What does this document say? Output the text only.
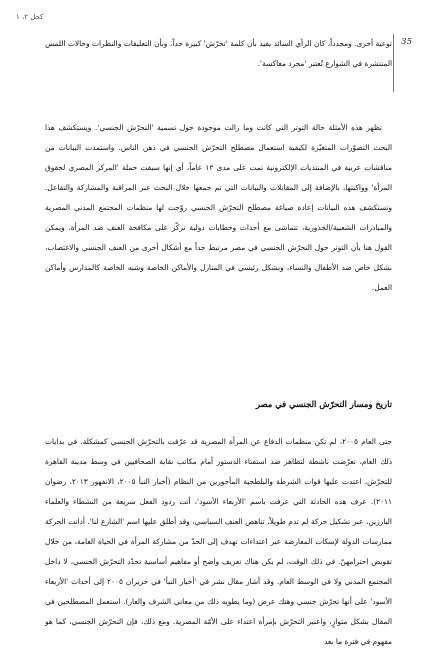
كحل ٢، ١
35

توعية أخرى. ومجدداً، كان الرأي السائد يفيد بأن كلمة 'تحرّش' كبيرة جداً، وبأن التعليقات والنظرات وحالات اللمس المنتشرة في الشوارع تُعتبر 'مجرد معاكسة'.

تظهر هذه الأمثلة حالة التوتر التي كانت وما زالت موجودة حول تسمية 'التحرّش الجنسي'. ويستكشف هذا البحث التصوّرات المتغيّرة لكيفية استعمال مصطلح التحرّش الجنسي في ذهن الناس. واستمدت البيانات من مناقشات عربية في المنتديات الإلكترونية تمت على مدى ١٢ عاماً، أي إنها سبقت حملة 'المركز المصري لحقوق المرأة' وواكبتها، بالإضافة إلى المقابلات والبيانات التي تم جمعها خلال البحث عبر المراقبة والمشاركة والتفاعل. وتستكشف هذه البيانات إعادة صياغة مصطلح التحرّش الجنسي روّجت لها منظمات المجتمع المدني المصرية والمبادرات الشعبية/الجذورية، تتماشى مع أحداث وخطابات دولية تركّز على مكافحة العنف ضد المرأة. ويمكن القول هنا بأن التوتر حول التحرّش الجنسي في مصر مرتبط جداً مع أشكال أخرى من العنف الجنسي والاغتصاب، بشكل خاص ضد الأطفال والنساء، وبشكل رئيسي في المنازل والأماكن الخاصة وشبه الخاصة كالمدارس وأماكن العمل.

تاريخ ومسار التحرّش الجنسي في مصر

حتى العام ٢٠٠٥، لم تكن منظمات الدفاع عن المرأة المصرية قد عرّفت بالتحرّش الجنسي كمشكلة. في بدايات ذلك العام، تعرّضت ناشطة لتظاهر ضد استفتاء الدستور أمام مكاتب نقابة الصحافيين في وسط مدينة القاهرة للتحرّش، اعتدت عليها قوات الشرطة والبلطجية المأجورين من النظام (أخبار النبأ ٢٠٠٥، الانفهور ٢٠١٣، رضوان ٢٠١١). عرف هذه الحادثة التي عرفت باسم 'الأربعاء الأسود'، أتت ردود الفعل سريعة من النشطاء والعلماء البارزين، عبر تشكيل حركة لم تدم طويلاً، تناهض العنف السياسي، وقد أطلق عليها اسم 'الشارع لنا'. أدانت الحركة ممارسات الدولة لإسكات المعارضة عبر اعتداءات تهدف إلى الحدّ من مشاركة المرأة في الحياة العامة، من خلال تقويض احترامهنّ. في ذلك الوقت، لم يكن هناك تعريف واضح أو مفاهيم أساسية تحدّد التحرّش الجنسي، لا داخل المجتمع المدني ولا في الوسط العام. وقد أشار مقال نشر في 'أخبار النبأ' في حزيران ٢٠٠٥ إلى أحداث 'الأربعاء الأسود' على أنها تحرّش جنسي وهتك عرض (وما يطويه ذلك من معاني الشرف والعار). استعمل المصطلحين في المقال بشكل متوازٍ، واعتبر التحرّش بإمرأة اعتداء على الأمّة المصرية. ومع ذلك، فإن التحرّش الجنسي، كما هو مفهوم في فترة ما بعد
